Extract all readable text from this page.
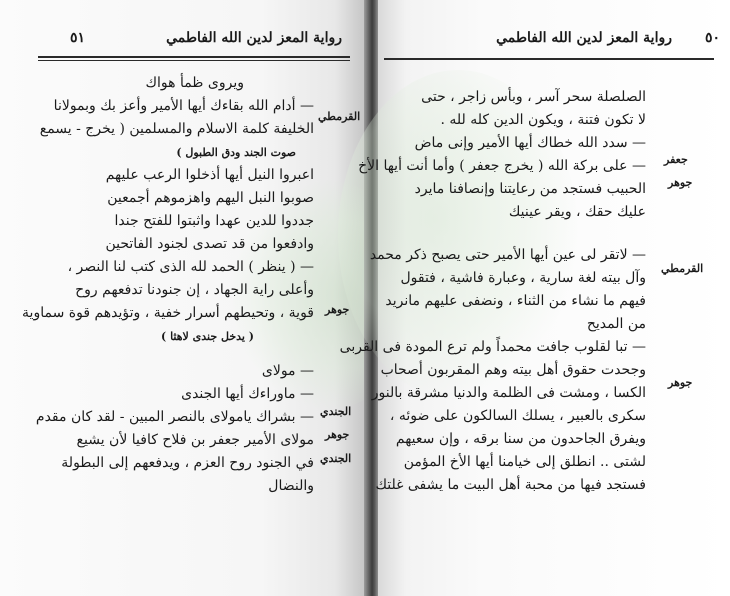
رواية المعز لدين الله الفاطمي
٥١
ويروى ظمأ هواك
— أدام الله بقاءك أيها الأمير وأعز بك وبمولانا
الخليفة كلمة الاسلام والمسلمين ( يخرج - يسمع
صوت الجند ودق الطبول )
اعبروا النيل أيها أذخلوا الرعب عليهم
صوبوا النبل اليهم واهزموهم أجمعين
جددوا للدين عهدا واثبتوا للفتح جندا
وادفعوا من قد تصدى لجنود الفاتحين
— ( ينظر ) الحمد لله الذى كتب لنا النصر ،
وأعلى راية الجهاد ، إن جنودنا تدفعهم روح
قوية ، وتحيطهم أسرار خفية ، وتؤيدهم قوة سماوية
( يدخل جندى لاهثا )
— مولاى
— ماوراءك أيها الجندى
— بشراك يامولاى بالنصر المبين - لقد كان مقدم
مولاى الأمير جعفر بن فلاح كافيا لأن يشيع
في الجنود روح العزم ، ويدفعهم إلى البطولة
والنضال
القرمطي
جوهر
الجندي
جوهر
الجندي
رواية المعز لدين الله الفاطمي ٥٠
الصلصلة سحر آسر ، وبأس زاجر ، حتى
لا تكون فتنة ، ويكون الدين كله لله .
— سدد الله خطاك أيها الأمير وإنى ماض
— على بركة الله ( يخرج جعفر ) وأما أنت أيها الأخ
الحبيب فستجد من رعايتنا وإنصافنا مايرد
عليك حقك ، ويقر عينيك
— لاتقر لى عين أيها الأمير حتى يصبح ذكر محمد
وآل بيته لغة سارية ، وعبارة فاشية ، فتقول
فيهم ما نشاء من الثناء ، ونضفى عليهم مانريد
من المديح
— تبا لقلوب جافت محمداً ولم ترع المودة فى القربى
وجحدت حقوق أهل بيته وهم المقربون أصحاب
الكسا ، ومشت فى الظلمة والدنيا مشرقة بالنور
سكرى بالعبير ، يسلك السالكون على ضوئه ،
ويفرق الجاحدون من سنا برقه ، وإن سعيهم
لشتى .. انطلق إلى خيامنا أيها الأخ المؤمن
فستجد فيها من محبة أهل البيت ما يشفى غلتك
جعفر
جوهر
القرمطي
جوهر
